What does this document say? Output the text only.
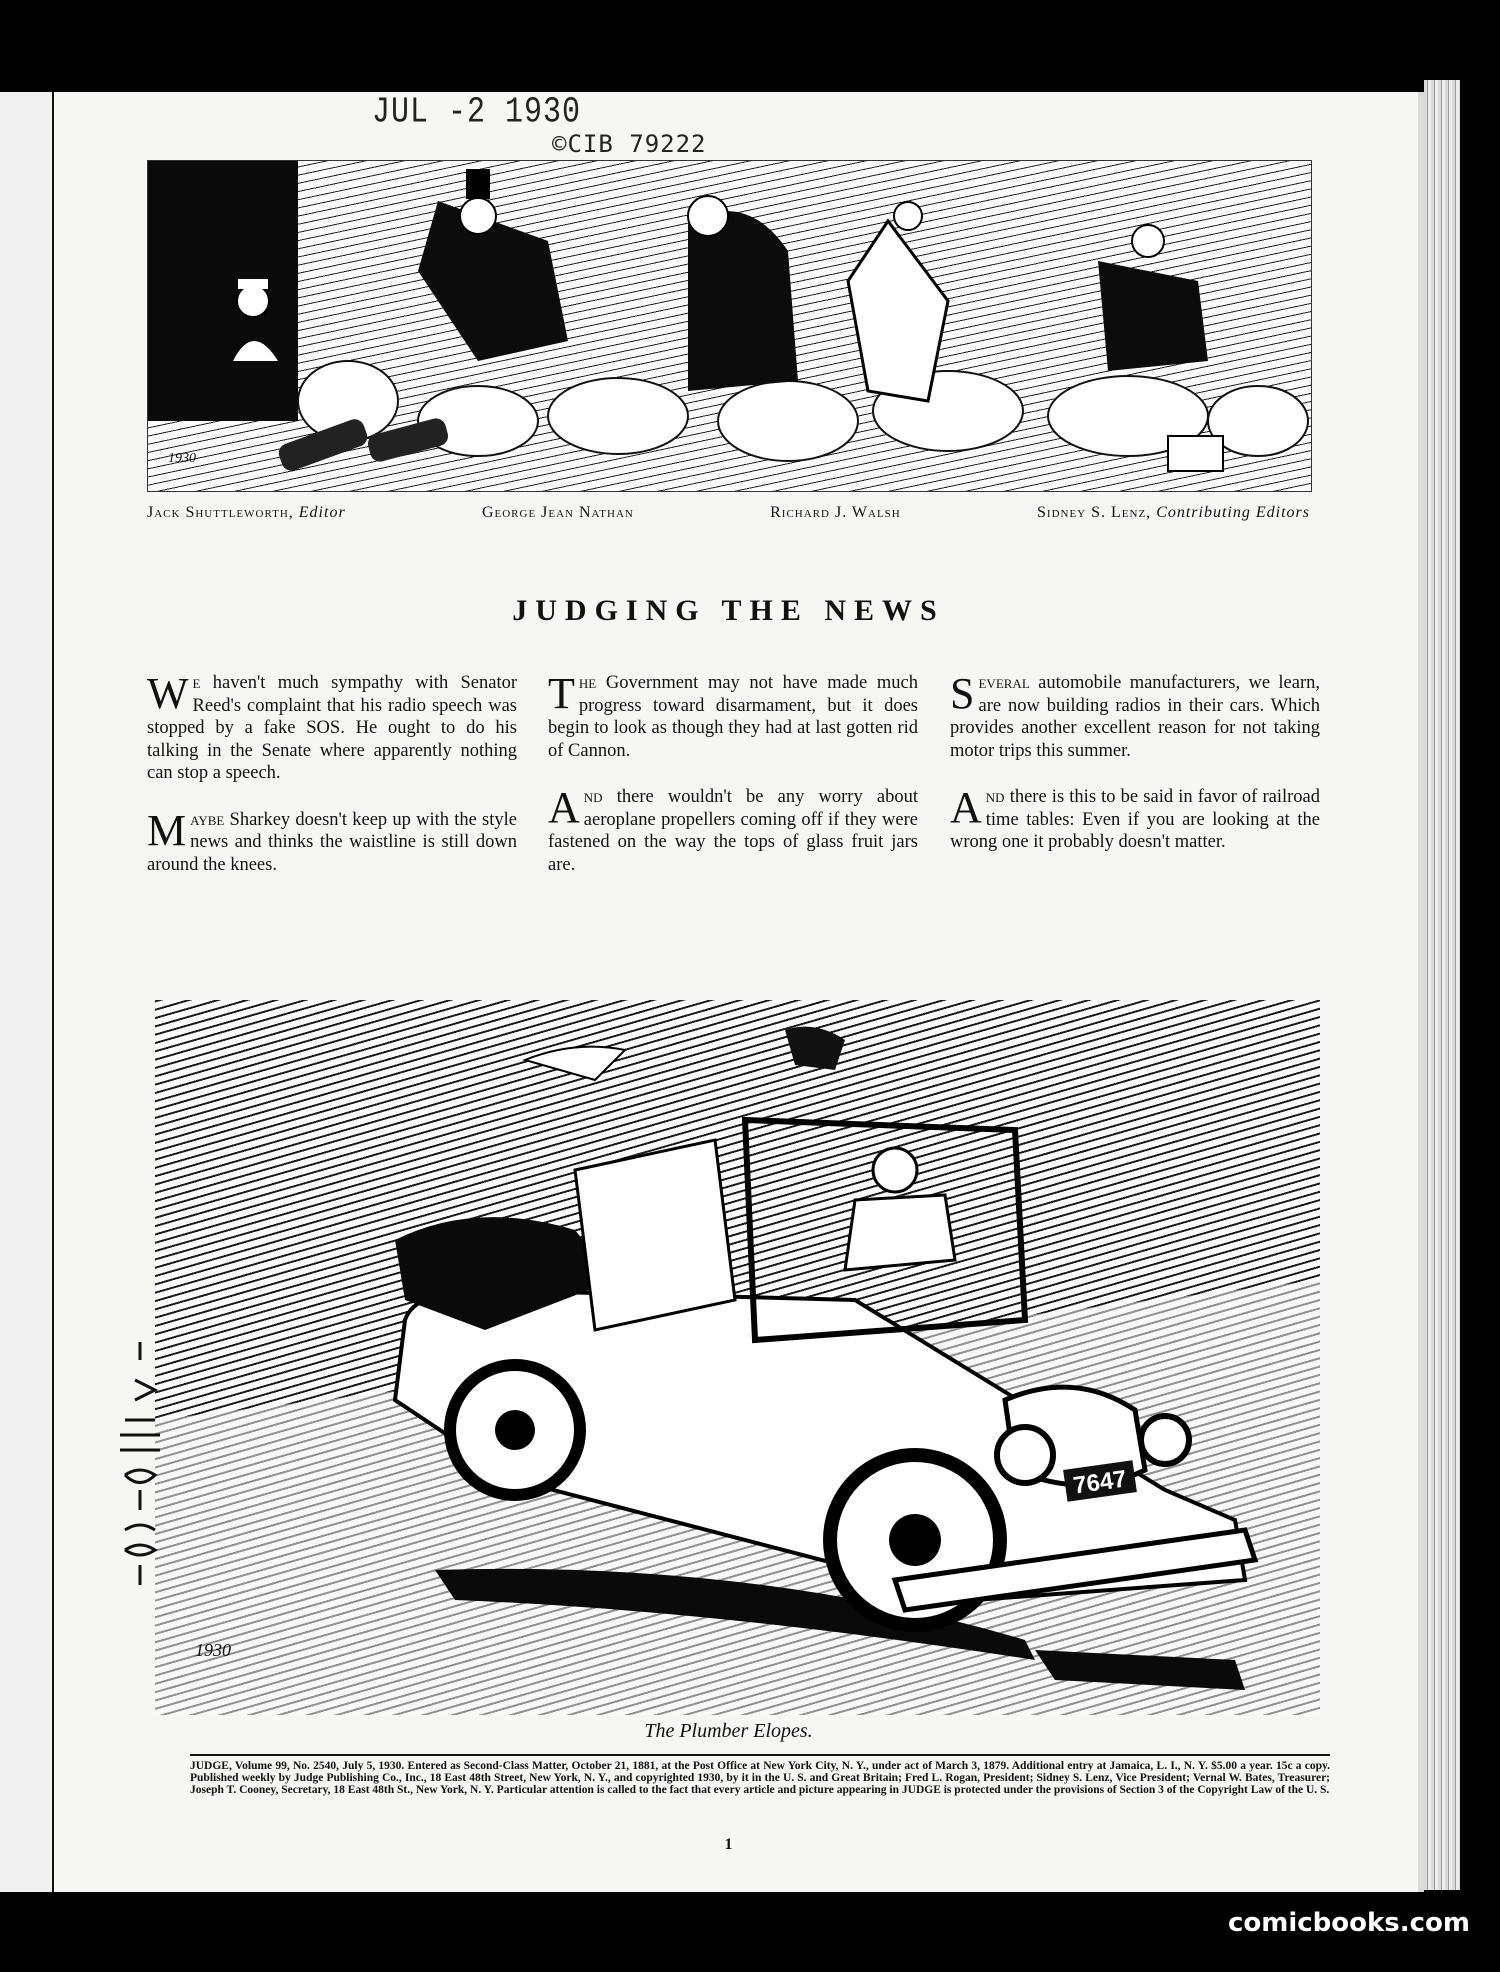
JUL -2 1930
©CIB 79222
1930
Jack Shuttleworth, Editor	George Jean Nathan	Richard J. Walsh	Sidney S. Lenz, Contributing Editors
JUDGING THE NEWS

We haven't much sympathy with Senator Reed's complaint that his radio speech was stopped by a fake SOS. He ought to do his talking in the Senate where apparently nothing can stop a speech.

Maybe Sharkey doesn't keep up with the style news and thinks the waistline is still down around the knees.

The Government may not have made much progress toward disarmament, but it does begin to look as though they had at last gotten rid of Cannon.

And there wouldn't be any worry about aeroplane propellers coming off if they were fastened on the way the tops of glass fruit jars are.

Several automobile manufacturers, we learn, are now building radios in their cars. Which provides another excellent reason for not taking motor trips this summer.

And there is this to be said in favor of railroad time tables: Even if you are looking at the wrong one it probably doesn't matter.

7647
1930
The Plumber Elopes.
JUDGE, Volume 99, No. 2540, July 5, 1930. Entered as Second-Class Matter, October 21, 1881, at the Post Office at New York City, N. Y., under act of March 3, 1879. Additional entry at Jamaica, L. I., N. Y. $5.00 a year. 15c a copy. Published weekly by Judge Publishing Co., Inc., 18 East 48th Street, New York, N. Y., and copyrighted 1930, by it in the U. S. and Great Britain; Fred L. Rogan, President; Sidney S. Lenz, Vice President; Vernal W. Bates, Treasurer; Joseph T. Cooney, Secretary, 18 East 48th St., New York, N. Y. Particular attention is called to the fact that every article and picture appearing in JUDGE is protected under the provisions of Section 3 of the Copyright Law of the U. S.
1
comicbooks.com
